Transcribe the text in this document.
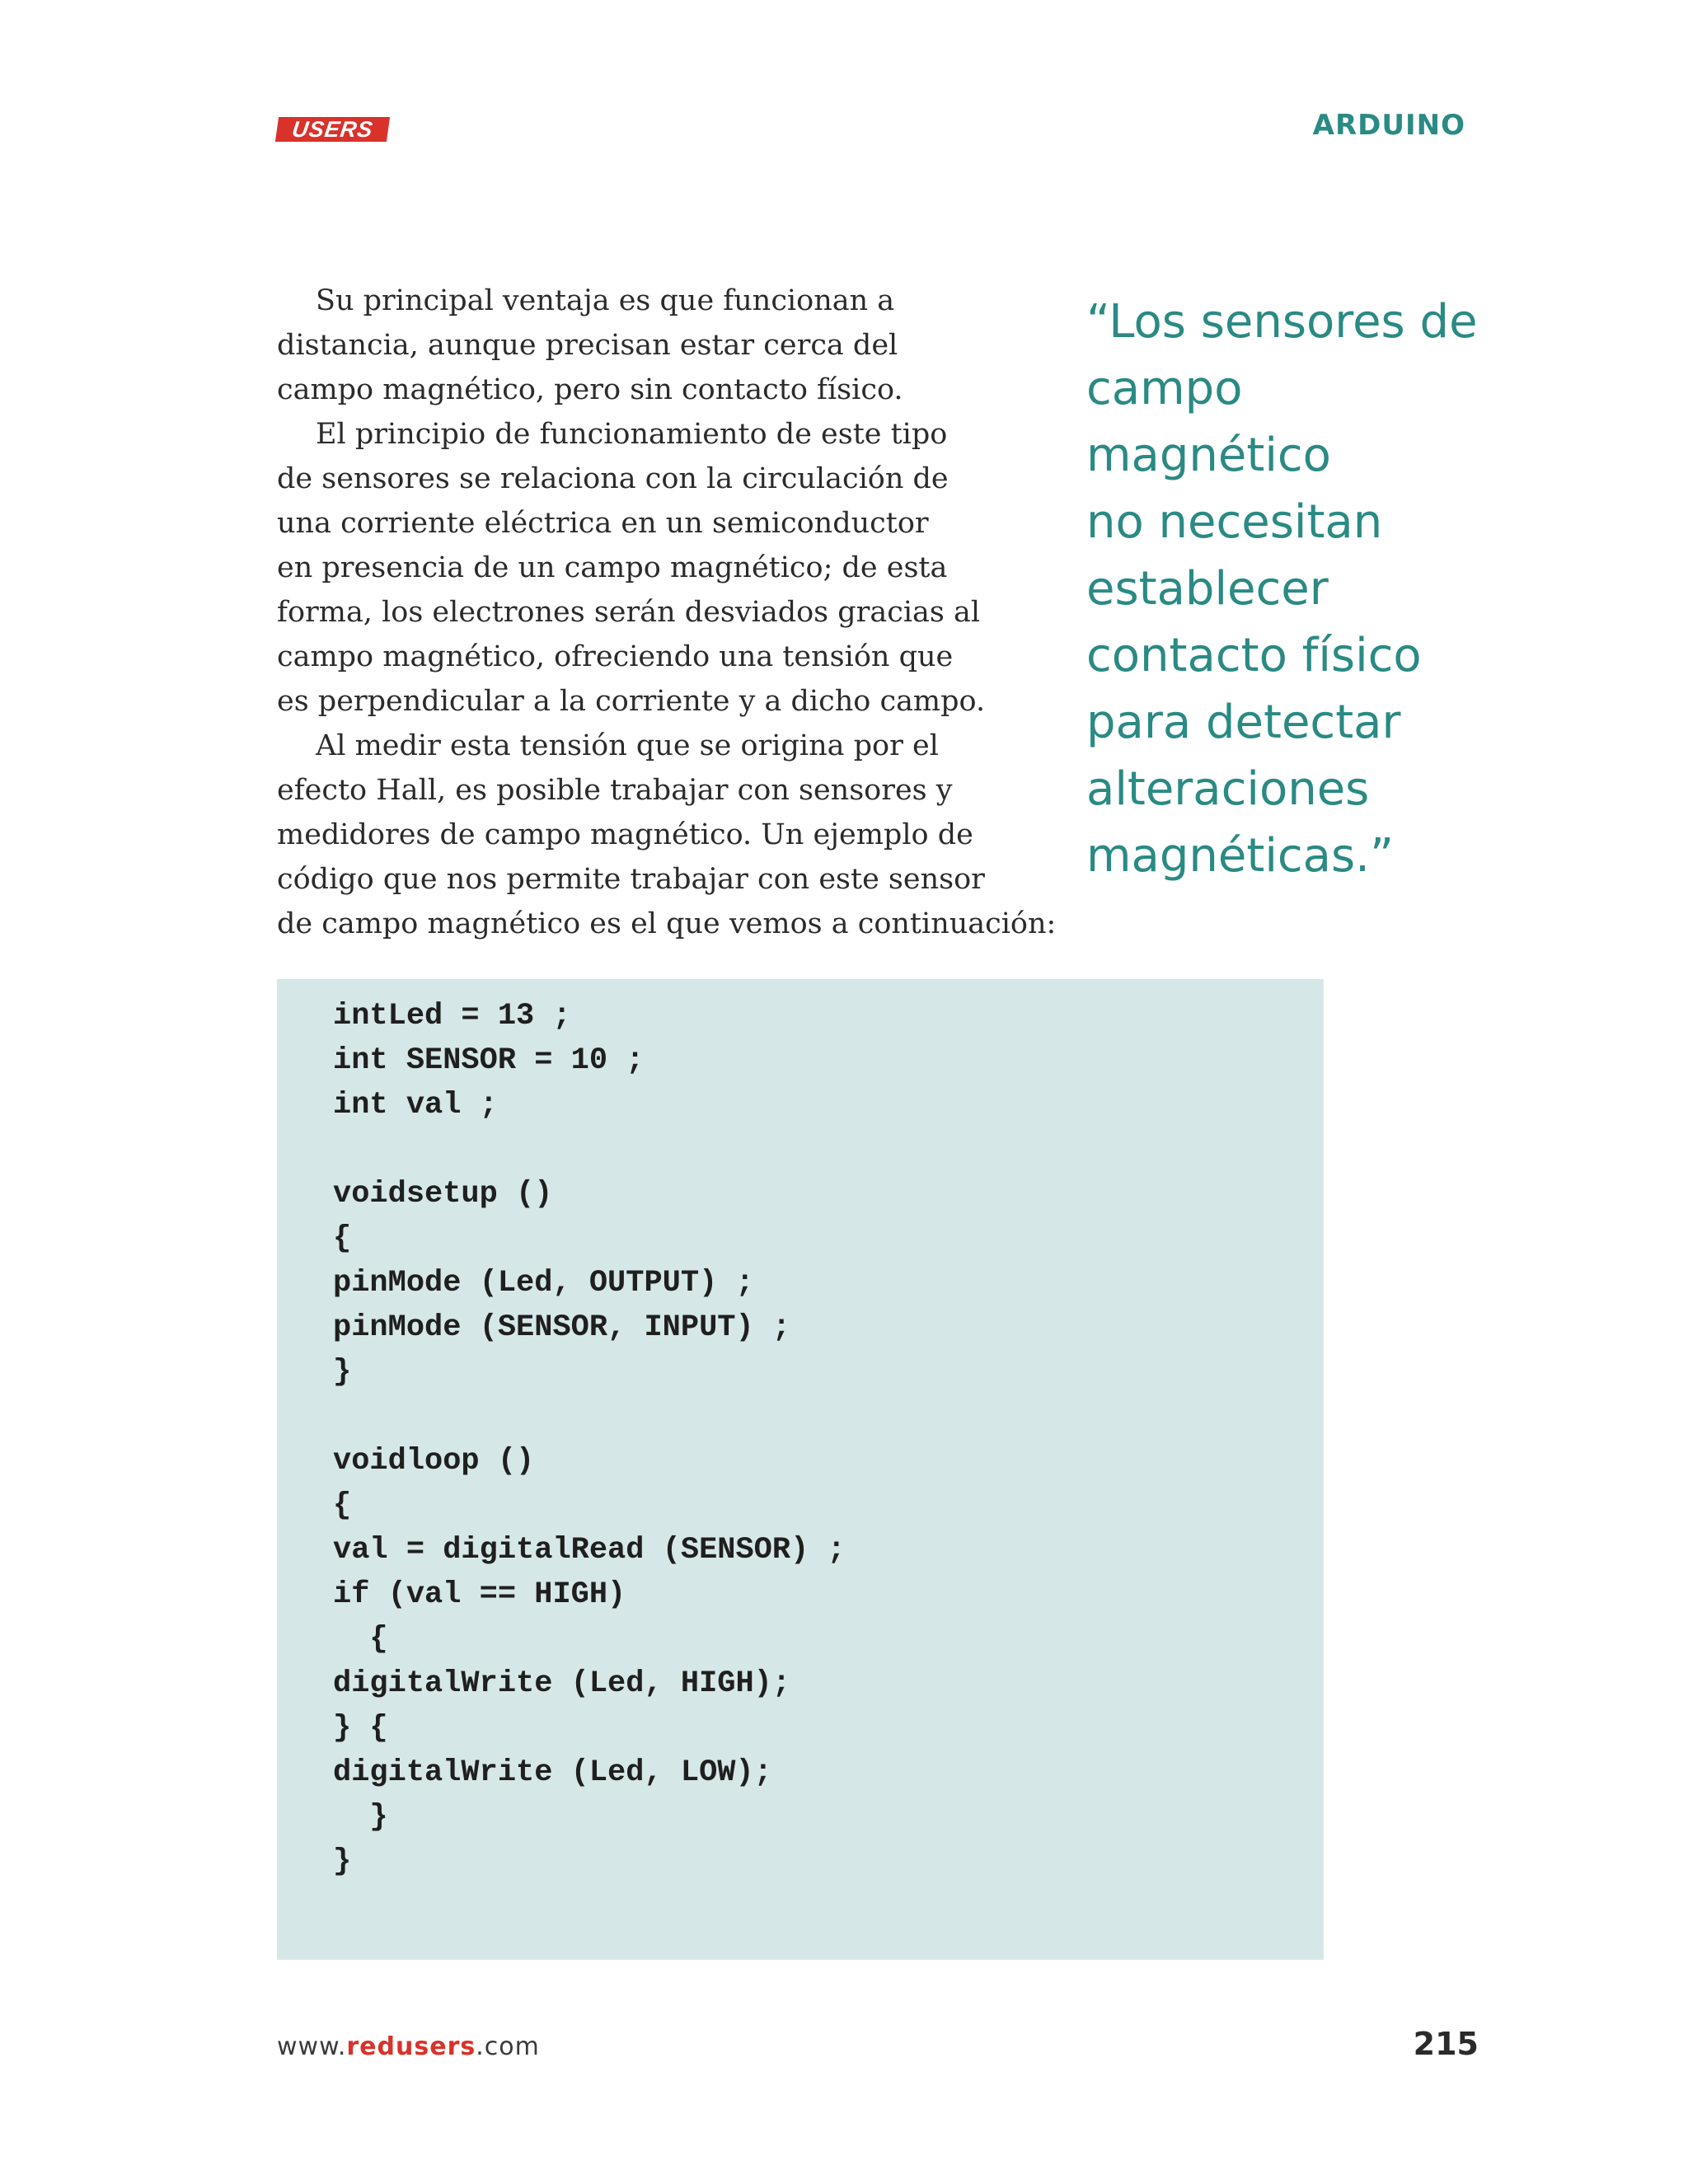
USERS	ARDUINO

Su principal ventaja es que funcionan a
distancia, aunque precisan estar cerca del
campo magnético, pero sin contacto físico.

El principio de funcionamiento de este tipo
de sensores se relaciona con la circulación de
una corriente eléctrica en un semiconductor
en presencia de un campo magnético; de esta
forma, los electrones serán desviados gracias al
campo magnético, ofreciendo una tensión que
es perpendicular a la corriente y a dicho campo.

Al medir esta tensión que se origina por el
efecto Hall, es posible trabajar con sensores y
medidores de campo magnético. Un ejemplo de
código que nos permite trabajar con este sensor
de campo magnético es el que vemos a continuación:

“Los sensores de
campo magnético
no necesitan
establecer
contacto físico
para detectar
alteraciones
magnéticas.”
intLed = 13 ;
int SENSOR = 10 ;
int val ;
voidsetup ()
{
pinMode (Led, OUTPUT) ;
pinMode (SENSOR, INPUT) ;
}
voidloop ()
{
val = digitalRead (SENSOR) ;
if (val == HIGH)
{
digitalWrite (Led, HIGH);
} {
digitalWrite (Led, LOW);
}
}
www.redusers.com	215
